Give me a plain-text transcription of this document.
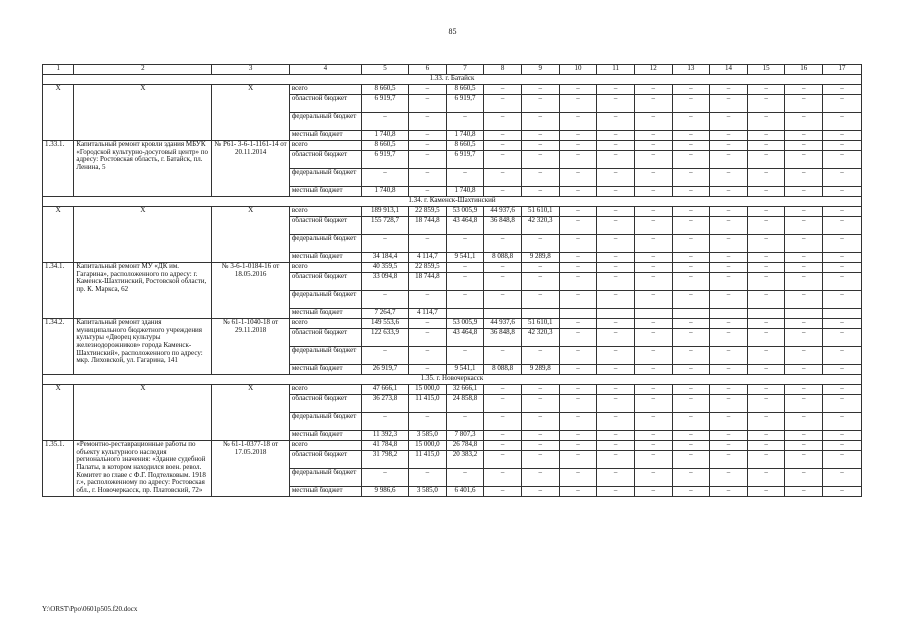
85
1	2	3	4	5	6	7	8	9	10	11	12	13	14	15	16	17
1.33. г. Батайск																
Х	Х	Х	всего	8 660,5	–	8 660,5	–	–	–	–	–	–	–	–	–	–
			областной бюджет	6 919,7	–	6 919,7	–	–	–	–	–	–	–	–	–	–
			федеральный бюджет	–	–	–	–	–	–	–	–	–	–	–	–	–
			местный бюджет	1 740,8	–	1 740,8	–	–	–	–	–	–	–	–	–	–
1.33.1.	Капитальный ремонт кровли здания МБУК «Городской культурно-досуговый центр» по адресу: Ростовская область, г. Батайск, пл. Ленина, 5	№ Р61- 3-6-1-1161-14 от 20.11.2014	всего	8 660,5	–	8 660,5	–	–	–	–	–	–	–	–	–	–
			областной бюджет	6 919,7	–	6 919,7	–	–	–	–	–	–	–	–	–	–
			федеральный бюджет	–	–	–	–	–	–	–	–	–	–	–	–	–
			местный бюджет	1 740,8	–	1 740,8	–	–	–	–	–	–	–	–	–	–
1.34. г. Каменск-Шахтинский																
Х	Х	Х	всего	189 913,1	22 859,5	53 005,9	44 937,6	51 610,1	–	–	–	–	–	–	–	–
			областной бюджет	155 728,7	18 744,8	43 464,8	36 848,8	42 320,3	–	–	–	–	–	–	–	–
			федеральный бюджет	–	–	–	–	–	–	–	–	–	–	–	–	–
			местный бюджет	34 184,4	4 114,7	9 541,1	8 088,8	9 289,8	–	–	–	–	–	–	–	–
1.34.1.	Капитальный ремонт МУ «ДК им. Гагарина», расположенного по адресу: г. Каменск-Шахтинский, Ростовской области, пр. К. Маркса, 62	№ 3-6-1-0184-16 от 18.05.2016	всего	40 359,5	22 859,5	–	–	–	–	–	–	–	–	–	–	–
			областной бюджет	33 094,8	18 744,8	–	–	–	–	–	–	–	–	–	–	–
			федеральный бюджет	–	–	–	–	–	–	–	–	–	–	–	–	–
			местный бюджет	7 264,7	4 114,7											
1.34.2.	Капитальный ремонт здания муниципального бюджетного учреждения культуры «Дворец культуры железнодорожников» города Каменск-Шахтинский», расположенного по адресу: мкр. Лиховской, ул. Гагарина, 141	№ 61-1-1040-18 от 29.11.2018	всего	149 553,6	–	53 005,9	44 937,6	51 610,1	–	–	–	–	–	–	–	–
			областной бюджет	122 633,9	–	43 464,8	36 848,8	42 320,3	–	–	–	–	–	–	–	–
			федеральный бюджет	–	–	–	–	–	–	–	–	–	–	–	–	–
			местный бюджет	26 919,7	–	9 541,1	8 088,8	9 289,8	–	–	–	–	–	–	–	–
1.35. г. Новочеркасск																
Х	Х	Х	всего	47 666,1	15 000,0	32 666,1	–	–	–	–	–	–	–	–	–	–
			областной бюджет	36 273,8	11 415,0	24 858,8	–	–	–	–	–	–	–	–	–	–
			федеральный бюджет	–	–	–	–	–	–	–	–	–	–	–	–	–
			местный бюджет	11 392,3	3 585,0	7 807,3	–	–	–	–	–	–	–	–	–	–
1.35.1.	«Ремонтно-реставрационные работы по объекту культурного наследия регионального значения: «Здание судебной Палаты, в котором находился воен. револ. Комитет во главе с Ф.Г. Подтелковым. 1918 г.», расположенному по адресу: Ростовская обл., г. Новочеркасск, пр. Платовский, 72»	№ 61-1-0377-18 от 17.05.2018	всего	41 784,8	15 000,0	26 784,8	–	–	–	–	–	–	–	–	–	–
			областной бюджет	31 798,2	11 415,0	20 383,2	–	–	–	–	–	–	–	–	–	–
			федеральный бюджет	–	–	–	–	–	–	–	–	–	–	–	–	–
			местный бюджет	9 986,6	3 585,0	6 401,6	–	–	–	–	–	–	–	–	–	–
Y:\ORST\Ppo\0601p505.f20.docx
